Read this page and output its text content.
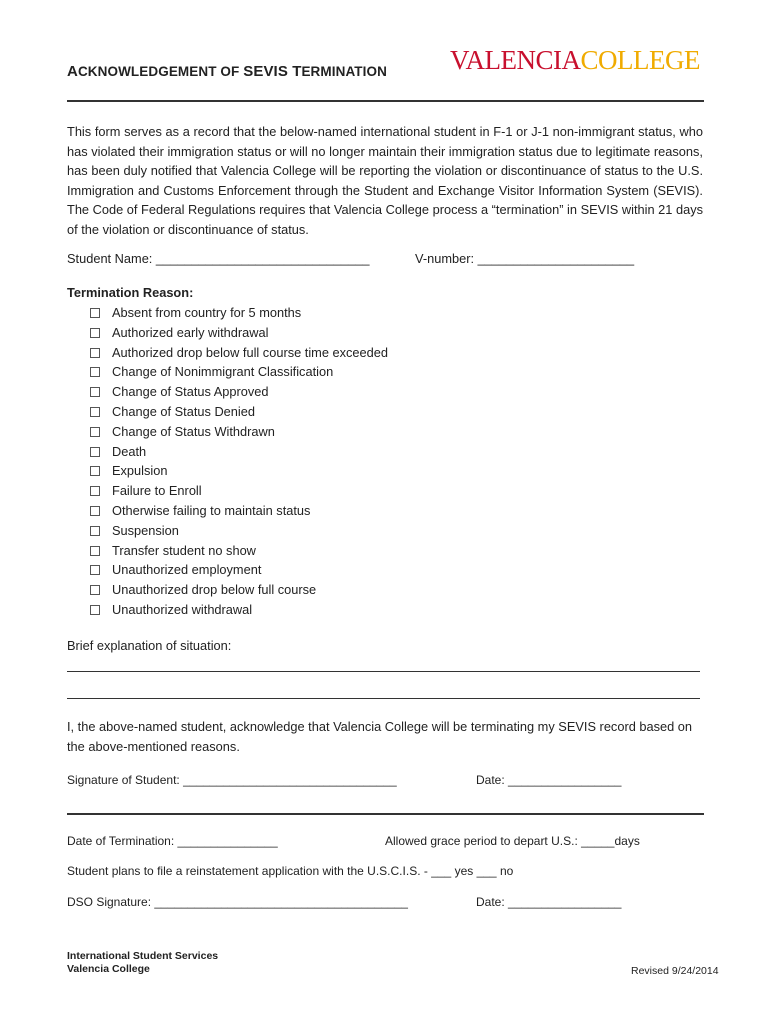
ACKNOWLEDGEMENT OF SEVIS TERMINATION VALENCIACOLLEGE
This form serves as a record that the below-named international student in F-1 or J-1 non-immigrant status, who has violated their immigration status or will no longer maintain their immigration status due to legitimate reasons, has been duly notified that Valencia College will be reporting the violation or discontinuance of status to the U.S. Immigration and Customs Enforcement through the Student and Exchange Visitor Information System (SEVIS). The Code of Federal Regulations requires that Valencia College process a “termination” in SEVIS within 21 days of the violation or discontinuance of status.
Student Name: ______________________________	V-number: ______________________
Termination Reason:
Absent from country for 5 months
Authorized early withdrawal
Authorized drop below full course time exceeded
Change of Nonimmigrant Classification
Change of Status Approved
Change of Status Denied
Change of Status Withdrawn
Death
Expulsion
Failure to Enroll
Otherwise failing to maintain status
Suspension
Transfer student no show
Unauthorized employment
Unauthorized drop below full course
Unauthorized withdrawal
Brief explanation of situation:
I, the above-named student, acknowledge that Valencia College will be terminating my SEVIS record based on the above-mentioned reasons.
Signature of Student: ________________________________	Date: _________________
Date of Termination: _______________	Allowed grace period to depart U.S.: _____days
Student plans to file a reinstatement application with the U.S.C.I.S. - ___ yes ___ no
DSO Signature: ______________________________________	Date: _________________
International Student Services
Valencia College	Revised 9/24/2014
